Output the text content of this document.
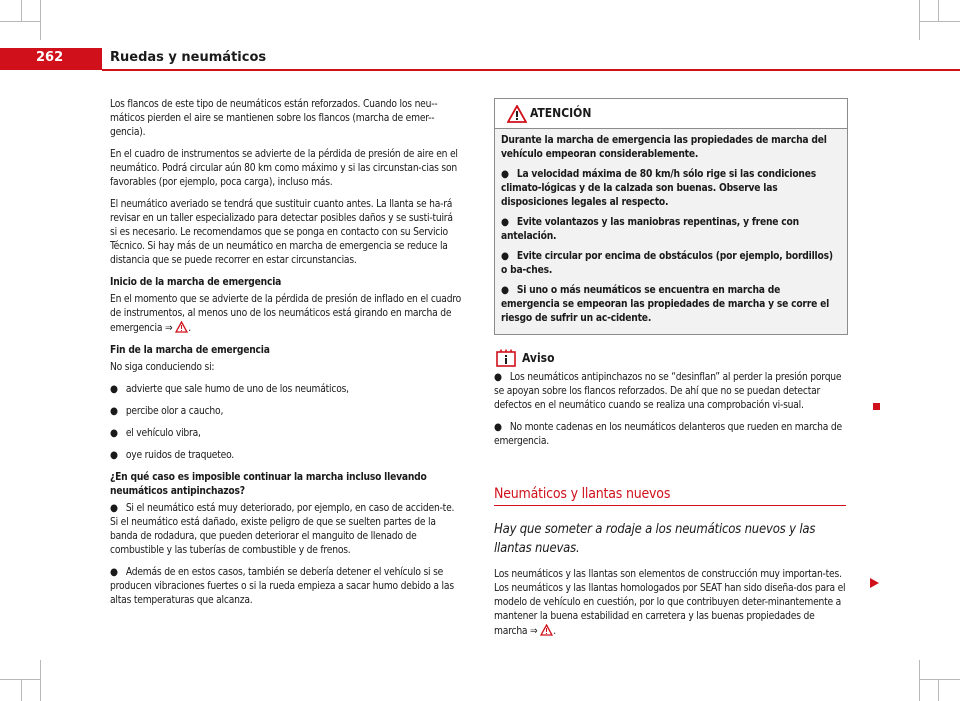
262	Ruedas y neumáticos

Los flancos de este tipo de neumáticos están reforzados. Cuando los neu-máticos pierden el aire se mantienen sobre los flancos (marcha de emer-gencia).

En el cuadro de instrumentos se advierte de la pérdida de presión de aire en el neumático. Podrá circular aún 80 km como máximo y si las circunstan-cias son favorables (por ejemplo, poca carga), incluso más.

El neumático averiado se tendrá que sustituir cuanto antes. La llanta se ha-rá revisar en un taller especializado para detectar posibles daños y se susti-tuirá si es necesario. Le recomendamos que se ponga en contacto con su Servicio Técnico. Si hay más de un neumático en marcha de emergencia se reduce la distancia que se puede recorrer en estar circunstancias.

Inicio de la marcha de emergencia

En el momento que se advierte de la pérdida de presión de inflado en el cuadro de instrumentos, al menos uno de los neumáticos está girando en marcha de emergencia ⇒ .

Fin de la marcha de emergencia

No siga conduciendo si:

● advierte que sale humo de uno de los neumáticos,

● percibe olor a caucho,

● el vehículo vibra,

● oye ruidos de traqueteo.

¿En qué caso es imposible continuar la marcha incluso llevando neumáticos antipinchazos?

● Si el neumático está muy deteriorado, por ejemplo, en caso de acciden-te. Si el neumático está dañado, existe peligro de que se suelten partes de la banda de rodadura, que pueden deteriorar el manguito de llenado de combustible y las tuberías de combustible y de frenos.

● Además de en estos casos, también se debería detener el vehículo si se producen vibraciones fuertes o si la rueda empieza a sacar humo debido a las altas temperaturas que alcanza.

ATENCIÓN

Durante la marcha de emergencia las propiedades de marcha del vehículo empeoran considerablemente.

● La velocidad máxima de 80 km/h sólo rige si las condiciones climato-lógicas y de la calzada son buenas. Observe las disposiciones legales al respecto.

● Evite volantazos y las maniobras repentinas, y frene con antelación.

● Evite circular por encima de obstáculos (por ejemplo, bordillos) o ba-ches.

● Si uno o más neumáticos se encuentra en marcha de emergencia se empeoran las propiedades de marcha y se corre el riesgo de sufrir un ac-cidente.

Aviso

● Los neumáticos antipinchazos no se “desinflan” al perder la presión porque se apoyan sobre los flancos reforzados. De ahí que no se puedan detectar defectos en el neumático cuando se realiza una comprobación vi-sual.

● No monte cadenas en los neumáticos delanteros que rueden en marcha de emergencia.

Neumáticos y llantas nuevos

Hay que someter a rodaje a los neumáticos nuevos y las llantas nuevas.

Los neumáticos y las llantas son elementos de construcción muy importan-tes. Los neumáticos y las llantas homologados por SEAT han sido diseña-dos para el modelo de vehículo en cuestión, por lo que contribuyen deter-minantemente a mantener la buena estabilidad en carretera y las buenas propiedades de marcha ⇒ .
